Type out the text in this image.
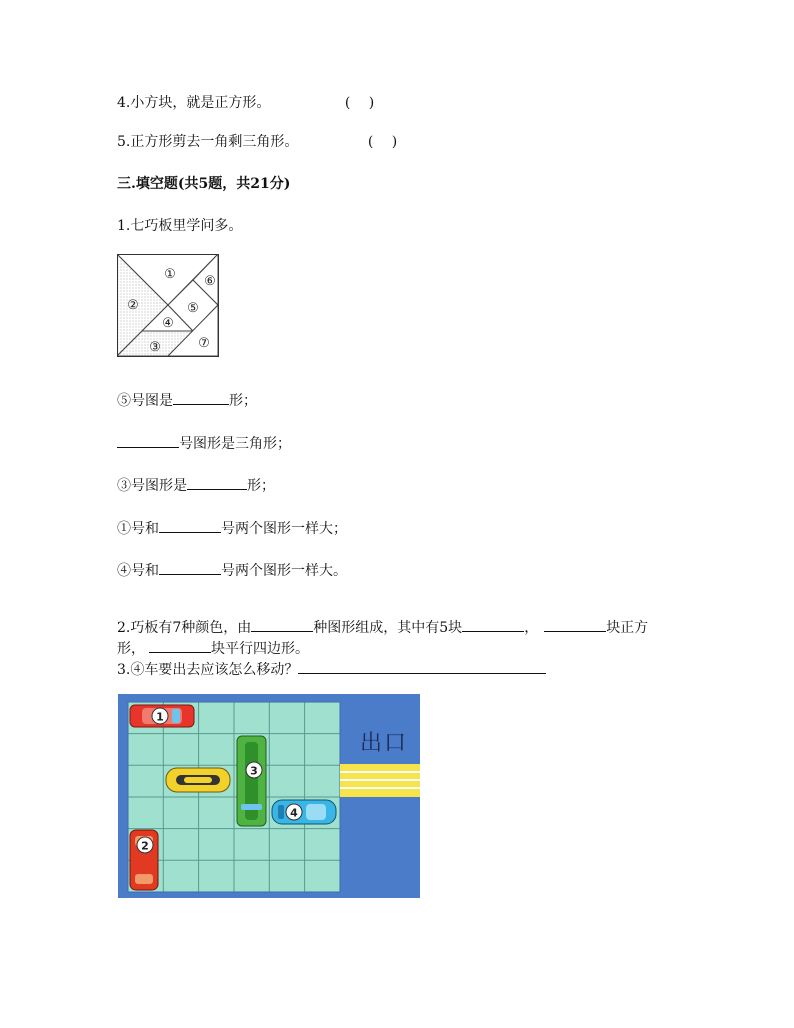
4.小方块，就是正方形。	(　 )
5.正方形剪去一角剩三角形。	(　 )
三.填空题(共5题，共21分)
1.七巧板里学问多。
①
②
③
④
⑤
⑥
⑦
⑤号图是	形；
号图形是三角形；
③号图形是	形；
①号和	号两个图形一样大；
④号和	号两个图形一样大。
2.巧板有7种颜色，由	种图形组成，其中有5块	，	块正方
形，	块平行四边形。
3.④车要出去应该怎么移动？
出口
1
3
4
2
